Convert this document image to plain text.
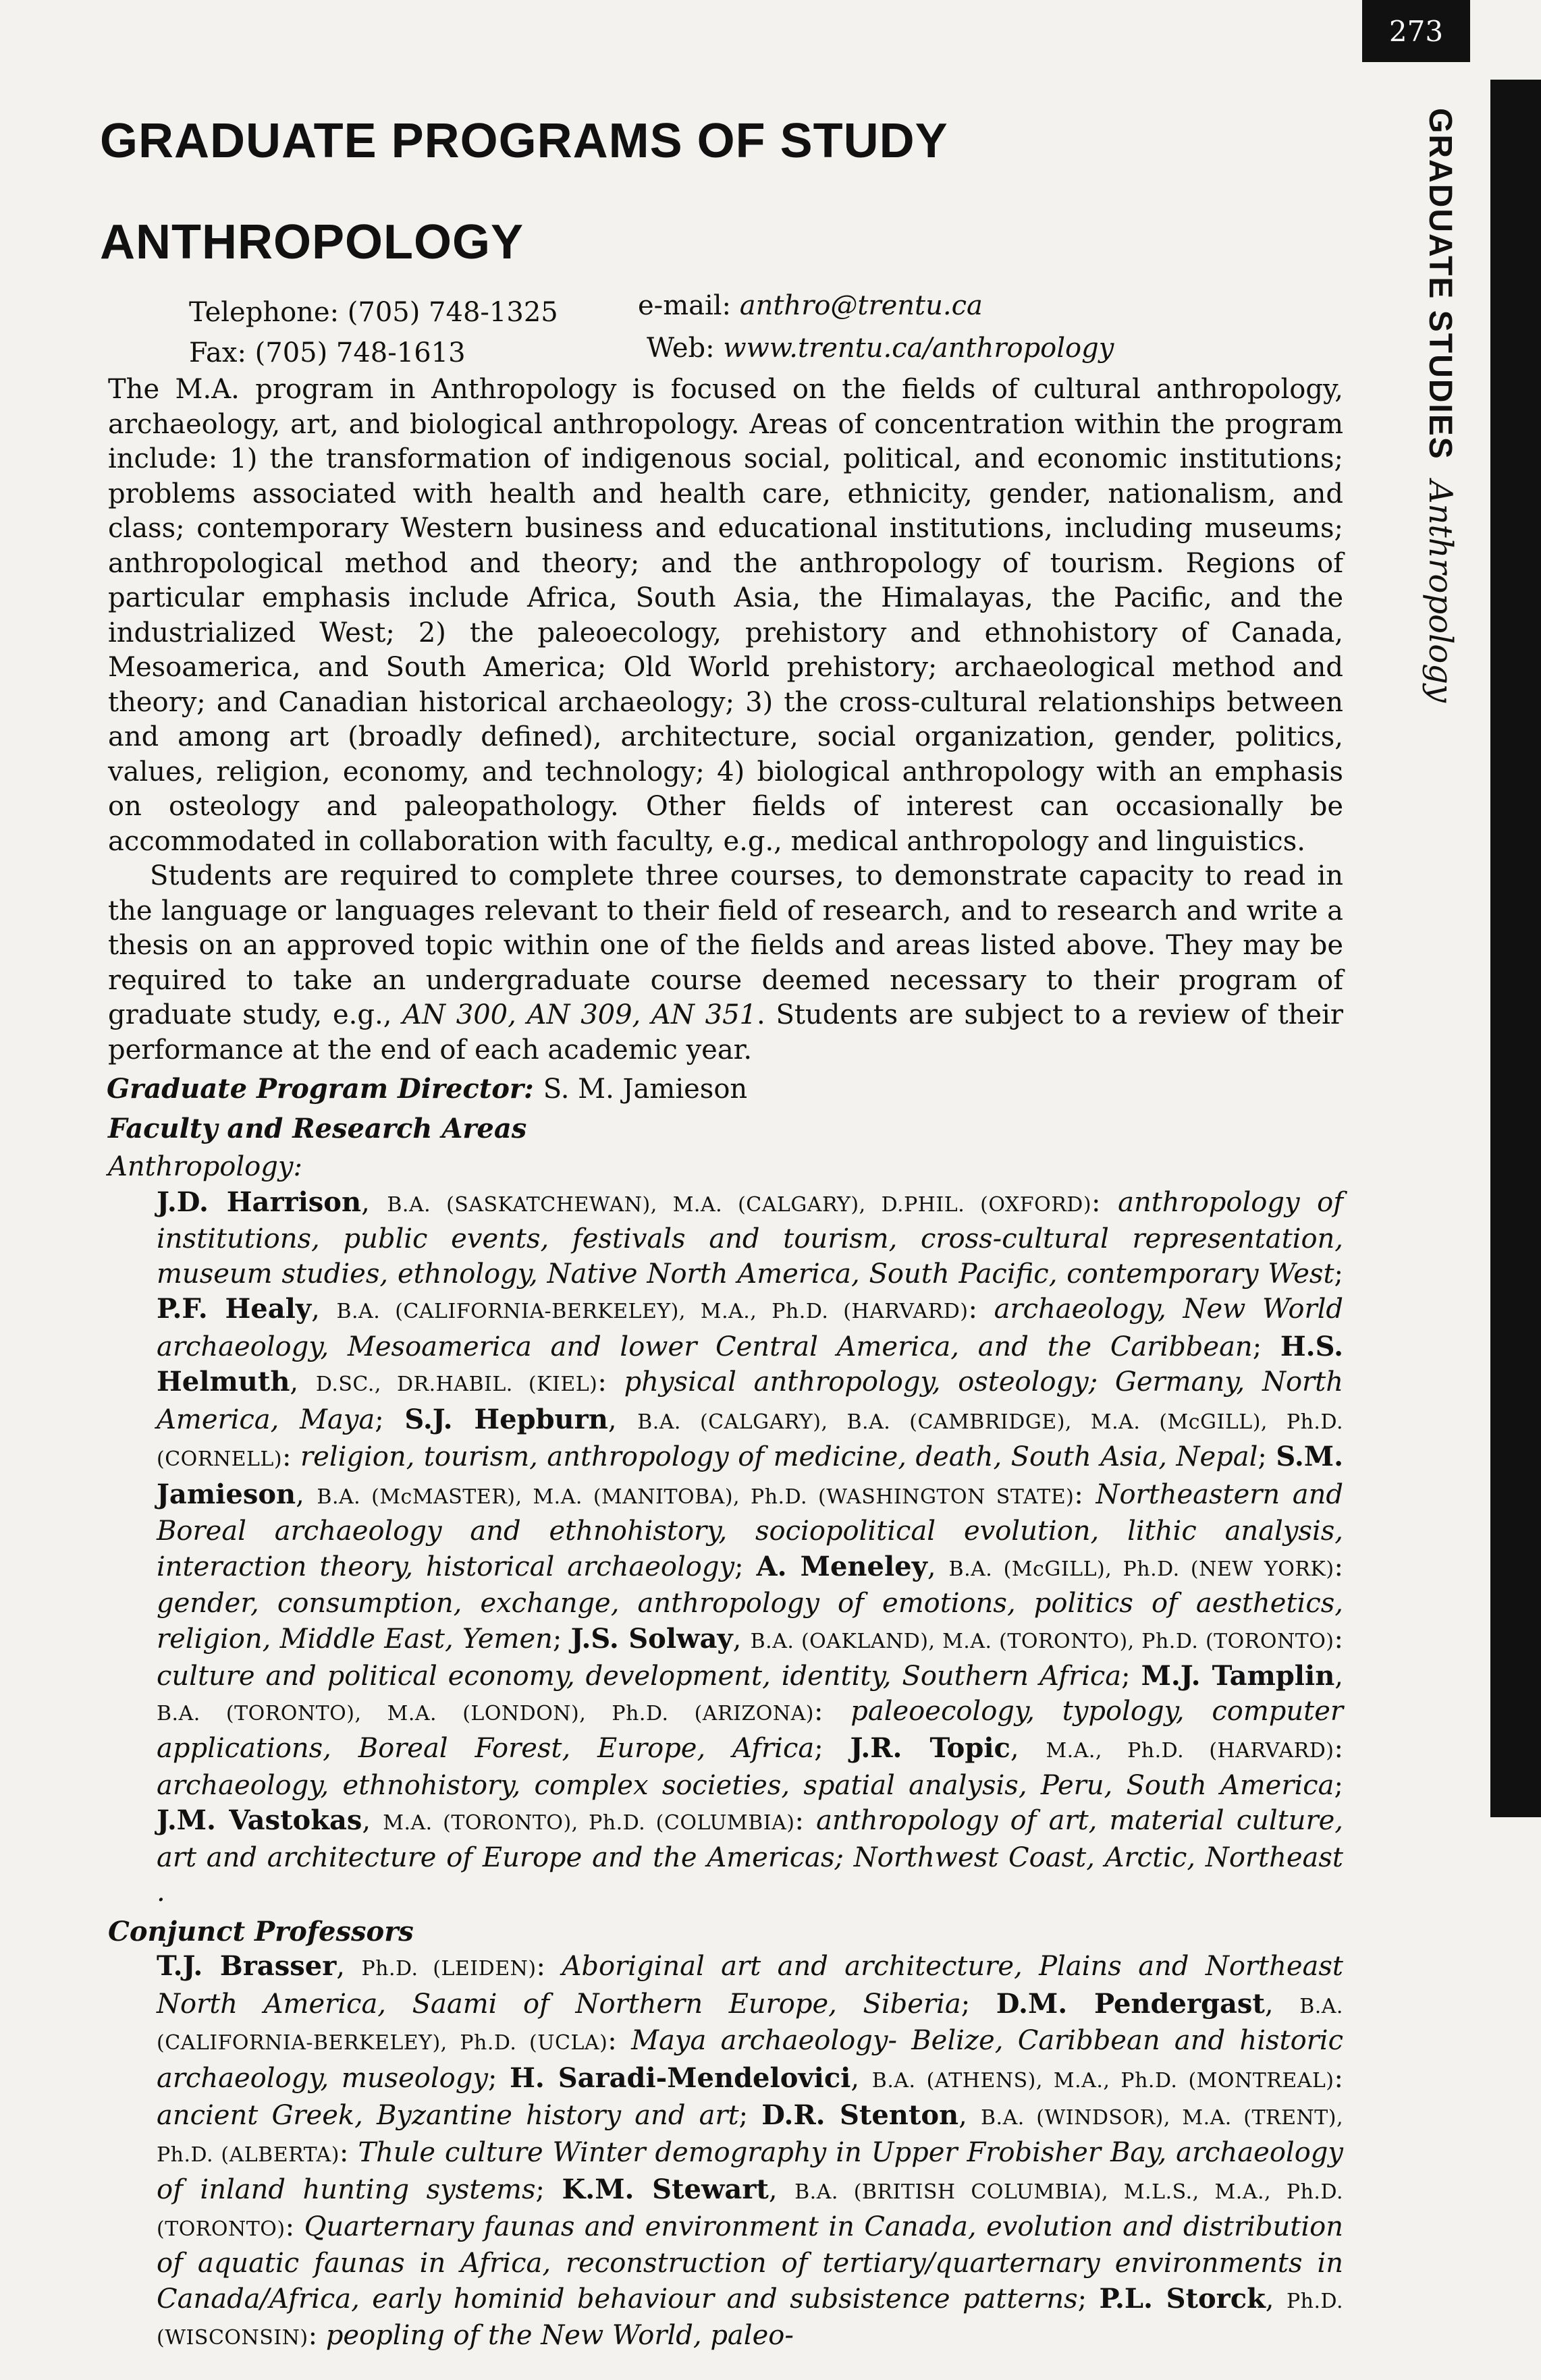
273
GRADUATE STUDIESAnthropology
GRADUATE PROGRAMS OF STUDY
ANTHROPOLOGY
Telephone: (705) 748-1325
Fax: (705) 748-1613
e-mail: anthro@trentu.ca
Web: www.trentu.ca/anthropology

The M.A. program in Anthropology is focused on the fields of cultural anthropology, archaeology, art, and biological anthropology. Areas of concentration within the program include: 1) the transformation of indigenous social, political, and economic institutions; problems associated with health and health care, ethnicity, gender, nationalism, and class; contemporary Western business and educational institutions, including museums; anthropological method and theory; and the anthropology of tourism. Regions of particular emphasis include Africa, South Asia, the Himalayas, the Pacific, and the industrialized West; 2) the paleoecology, prehistory and ethnohistory of Canada, Mesoamerica, and South America; Old World prehistory; archaeological method and theory; and Canadian historical archaeology; 3) the cross-cultural relationships between and among art (broadly defined), architecture, social organization, gender, politics, values, religion, economy, and technology; 4) biological anthropology with an emphasis on osteology and paleopathology. Other fields of interest can occasionally be accommodated in collaboration with faculty, e.g., medical anthropology and linguistics.

Students are required to complete three courses, to demonstrate capacity to read in the language or languages relevant to their field of research, and to research and write a thesis on an approved topic within one of the fields and areas listed above. They may be required to take an undergraduate course deemed necessary to their program of graduate study, e.g., AN 300, AN 309, AN 351. Students are subject to a review of their performance at the end of each academic year.

Graduate Program Director: S. M. Jamieson

Faculty and Research Areas

Anthropology:

J.D. Harrison, B.A. (SASKATCHEWAN), M.A. (CALGARY), D.PHIL. (OXFORD): anthropology of institutions, public events, festivals and tourism, cross-cultural representation, museum studies, ethnology, Native North America, South Pacific, contemporary West; P.F. Healy, B.A. (CALIFORNIA-BERKELEY), M.A., Ph.D. (HARVARD): archaeology, New World archaeology, Mesoamerica and lower Central America, and the Caribbean; H.S. Helmuth, D.SC., DR.HABIL. (KIEL): physical anthropology, osteology; Germany, North America, Maya; S.J. Hepburn, B.A. (CALGARY), B.A. (CAMBRIDGE), M.A. (McGILL), Ph.D. (CORNELL): religion, tourism, anthropology of medicine, death, South Asia, Nepal; S.M. Jamieson, B.A. (McMASTER), M.A. (MANITOBA), Ph.D. (WASHINGTON STATE): Northeastern and Boreal archaeology and ethnohistory, sociopolitical evolution, lithic analysis, interaction theory, historical archaeology; A. Meneley, B.A. (McGILL), Ph.D. (NEW YORK): gender, consumption, exchange, anthropology of emotions, politics of aesthetics, religion, Middle East, Yemen; J.S. Solway, B.A. (OAKLAND), M.A. (TORONTO), Ph.D. (TORONTO): culture and political economy, development, identity, Southern Africa; M.J. Tamplin, B.A. (TORONTO), M.A. (LONDON), Ph.D. (ARIZONA): paleoecology, typology, computer applications, Boreal Forest, Europe, Africa; J.R. Topic, M.A., Ph.D. (HARVARD): archaeology, ethnohistory, complex societies, spatial analysis, Peru, South America; J.M. Vastokas, M.A. (TORONTO), Ph.D. (COLUMBIA): anthropology of art, material culture, art and architecture of Europe and the Americas; Northwest Coast, Arctic, Northeast .

Conjunct Professors

T.J. Brasser, Ph.D. (LEIDEN): Aboriginal art and architecture, Plains and Northeast North America, Saami of Northern Europe, Siberia; D.M. Pendergast, B.A. (CALIFORNIA-BERKELEY), Ph.D. (UCLA): Maya archaeology- Belize, Caribbean and historic archaeology, museology; H. Saradi-Mendelovici, B.A. (ATHENS), M.A., Ph.D. (MONTREAL): ancient Greek, Byzantine history and art; D.R. Stenton, B.A. (WINDSOR), M.A. (TRENT), Ph.D. (ALBERTA): Thule culture Winter demography in Upper Frobisher Bay, archaeology of inland hunting systems; K.M. Stewart, B.A. (BRITISH COLUMBIA), M.L.S., M.A., Ph.D. (TORONTO): Quarternary faunas and environment in Canada, evolution and distribution of aquatic faunas in Africa, reconstruction of tertiary/quarternary environments in Canada/Africa, early hominid behaviour and subsistence patterns; P.L. Storck, Ph.D. (WISCONSIN): peopling of the New World, paleo-
